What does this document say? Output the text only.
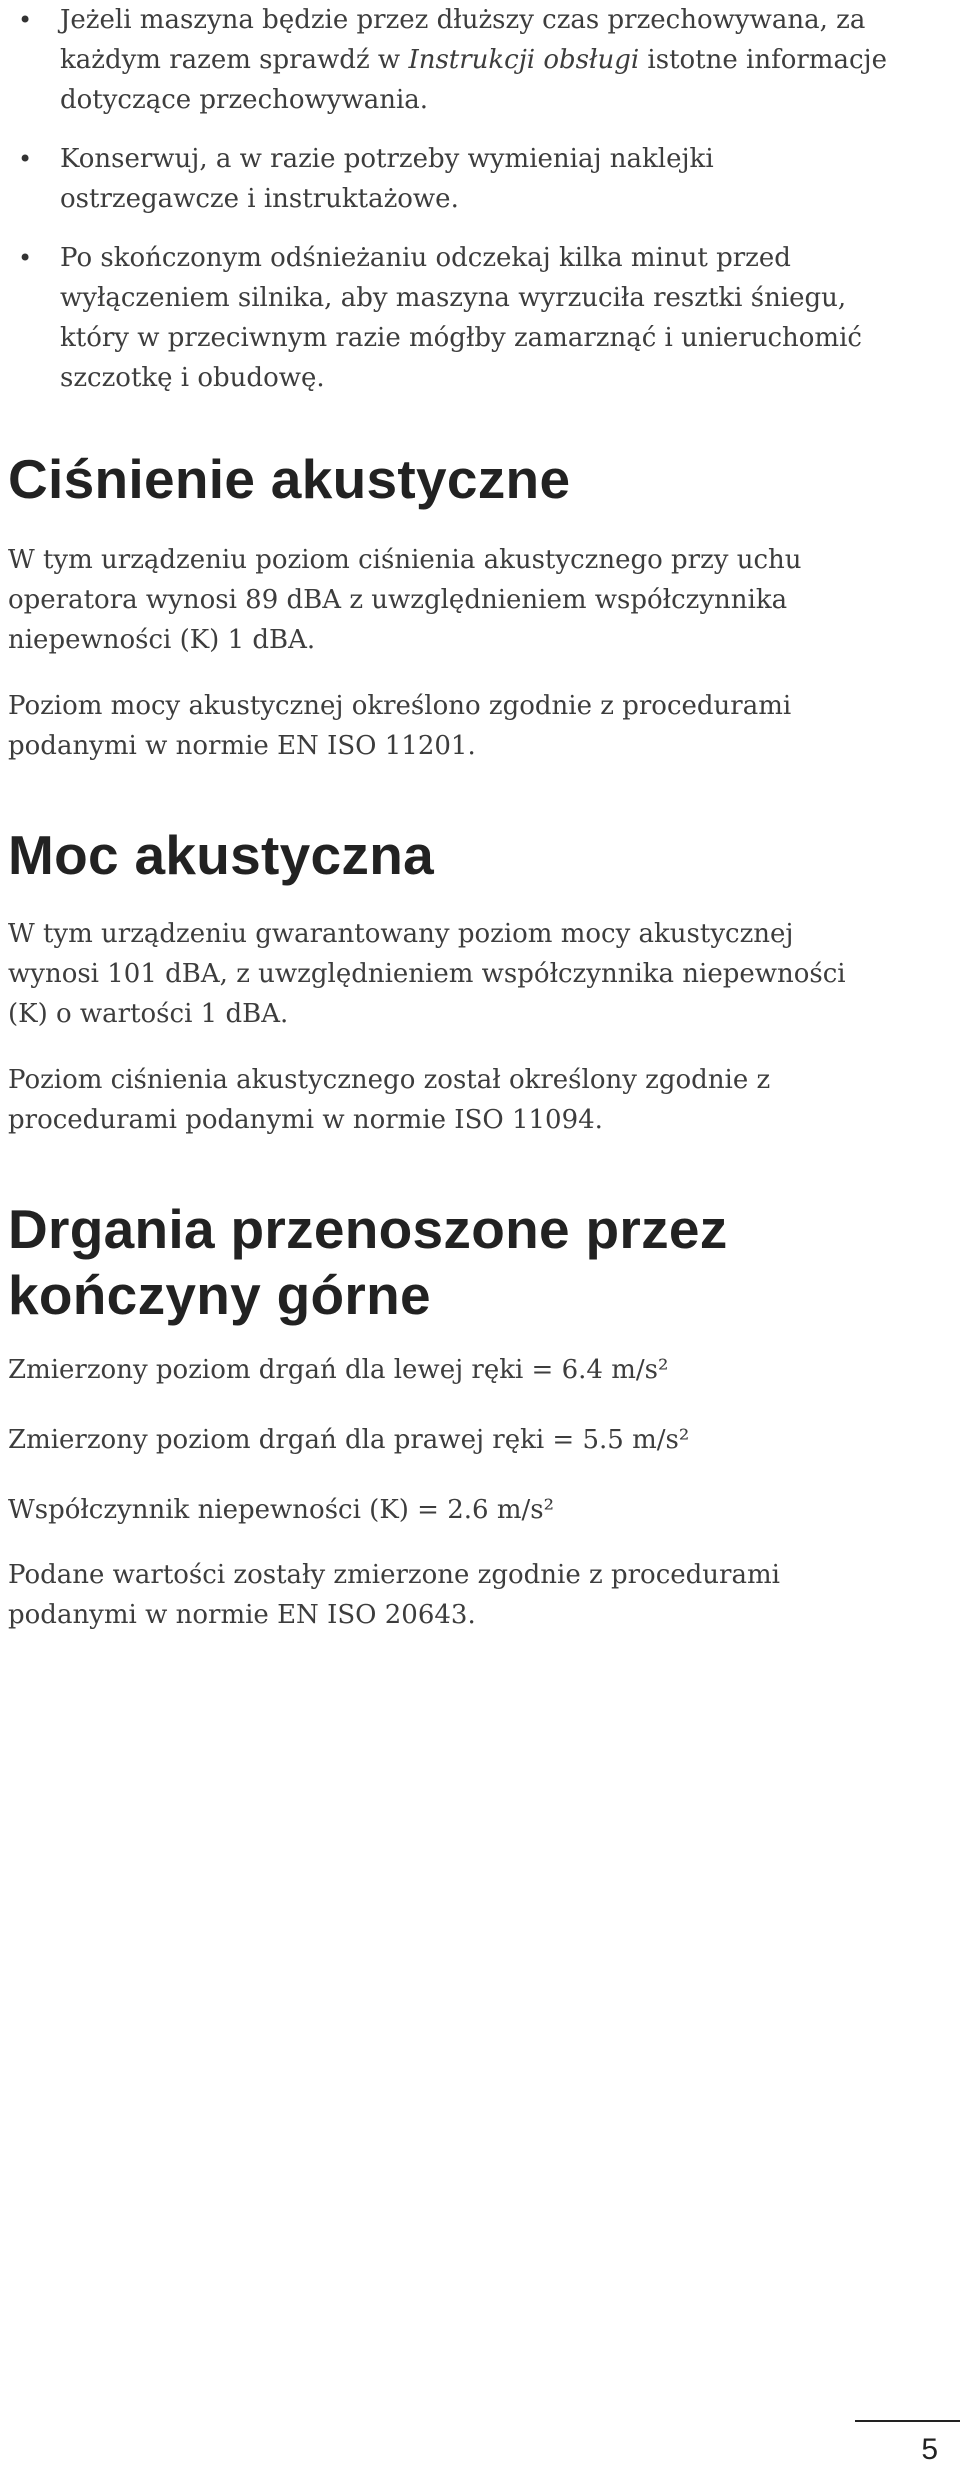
• Jeżeli maszyna będzie przez dłuższy czas przechowywana, za każdym razem sprawdź w Instrukcji obsługi istotne informacje dotyczące przechowywania.
• Konserwuj, a w razie potrzeby wymieniaj naklejki ostrzegawcze i instruktażowe.
• Po skończonym odśnieżaniu odczekaj kilka minut przed wyłączeniem silnika, aby maszyna wyrzuciła resztki śniegu, który w przeciwnym razie mógłby zamarznąć i unieruchomić szczotkę i obudowę.
Ciśnienie akustyczne

W tym urządzeniu poziom ciśnienia akustycznego przy uchu operatora wynosi 89 dBA z uwzględnieniem współczynnika niepewności (K) 1 dBA.

Poziom mocy akustycznej określono zgodnie z procedurami podanymi w normie EN ISO 11201.

Moc akustyczna

W tym urządzeniu gwarantowany poziom mocy akustycznej wynosi 101 dBA, z uwzględnieniem współczynnika niepewności (K) o wartości 1 dBA.

Poziom ciśnienia akustycznego został określony zgodnie z procedurami podanymi w normie ISO 11094.

Drgania przenoszone przez kończyny górne

Zmierzony poziom drgań dla lewej ręki = 6.4 m/s²

Zmierzony poziom drgań dla prawej ręki = 5.5 m/s²

Współczynnik niepewności (K) = 2.6 m/s²

Podane wartości zostały zmierzone zgodnie z procedurami podanymi w normie EN ISO 20643.

5
